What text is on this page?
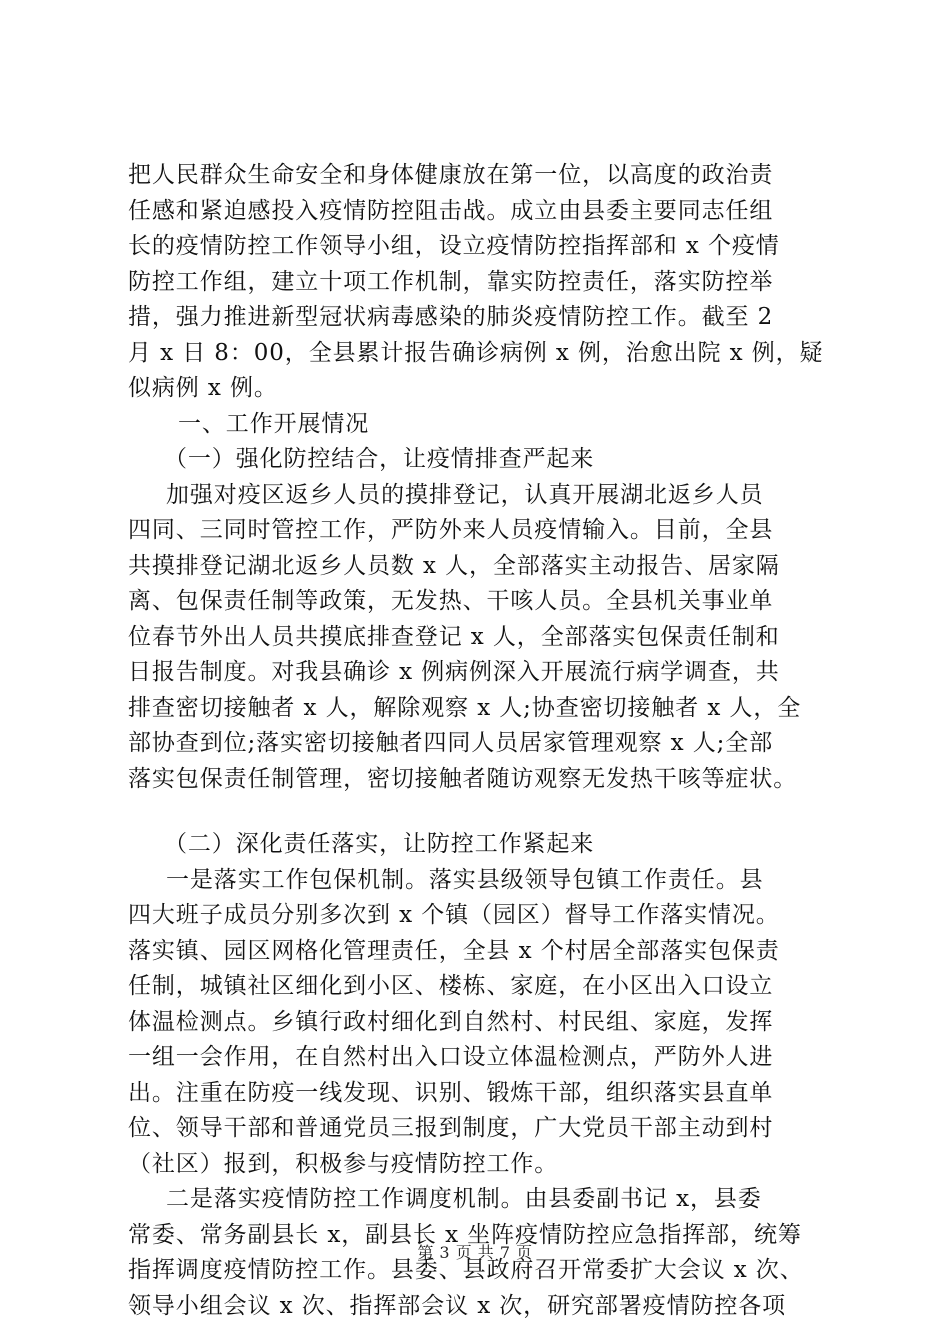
把人民群众生命安全和身体健康放在第一位，以高度的政治责
任感和紧迫感投入疫情防控阻击战。成立由县委主要同志任组
长的疫情防控工作领导小组，设立疫情防控指挥部和 x 个疫情
防控工作组，建立十项工作机制，靠实防控责任，落实防控举
措，强力推进新型冠状病毒感染的肺炎疫情防控工作。截至 2
月 x 日 8：00，全县累计报告确诊病例 x 例，治愈出院 x 例，疑
似病例 x 例。
一、工作开展情况
（一）强化防控结合，让疫情排查严起来
加强对疫区返乡人员的摸排登记，认真开展湖北返乡人员
四同、三同时管控工作，严防外来人员疫情输入。目前，全县
共摸排登记湖北返乡人员数 x 人，全部落实主动报告、居家隔
离、包保责任制等政策，无发热、干咳人员。全县机关事业单
位春节外出人员共摸底排查登记 x 人，全部落实包保责任制和
日报告制度。对我县确诊 x 例病例深入开展流行病学调查，共
排查密切接触者 x 人，解除观察 x 人;协查密切接触者 x 人，全
部协查到位;落实密切接触者四同人员居家管理观察 x 人;全部
落实包保责任制管理，密切接触者随访观察无发热干咳等症状。
（二）深化责任落实，让防控工作紧起来
一是落实工作包保机制。落实县级领导包镇工作责任。县
四大班子成员分别多次到 x 个镇（园区）督导工作落实情况。
落实镇、园区网格化管理责任，全县 x 个村居全部落实包保责
任制，城镇社区细化到小区、楼栋、家庭，在小区出入口设立
体温检测点。乡镇行政村细化到自然村、村民组、家庭，发挥
一组一会作用，在自然村出入口设立体温检测点，严防外人进
出。注重在防疫一线发现、识别、锻炼干部，组织落实县直单
位、领导干部和普通党员三报到制度，广大党员干部主动到村
（社区）报到，积极参与疫情防控工作。
二是落实疫情防控工作调度机制。由县委副书记 x，县委
常委、常务副县长 x，副县长 x 坐阵疫情防控应急指挥部，统筹
指挥调度疫情防控工作。县委、县政府召开常委扩大会议 x 次、
领导小组会议 x 次、指挥部会议 x 次，研究部署疫情防控各项
第 3 页 共 7 页
